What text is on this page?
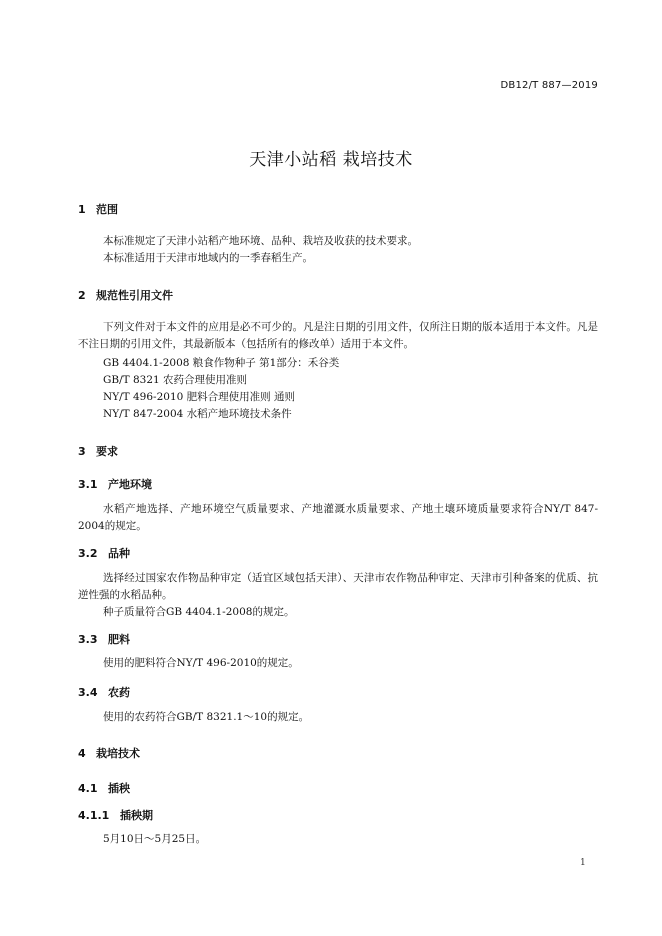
DB12/T 887—2019
天津小站稻 栽培技术
1 范围
本标准规定了天津小站稻产地环境、品种、栽培及收获的技术要求。
本标准适用于天津市地域内的一季春稻生产。
2 规范性引用文件
下列文件对于本文件的应用是必不可少的。凡是注日期的引用文件，仅所注日期的版本适用于本文件。凡是不注日期的引用文件，其最新版本（包括所有的修改单）适用于本文件。
GB 4404.1-2008 粮食作物种子 第1部分：禾谷类
GB/T 8321 农药合理使用准则
NY/T 496-2010 肥料合理使用准则 通则
NY/T 847-2004 水稻产地环境技术条件
3 要求
3.1 产地环境
水稻产地选择、产地环境空气质量要求、产地灌溉水质量要求、产地土壤环境质量要求符合NY/T 847-2004的规定。
3.2 品种
选择经过国家农作物品种审定（适宜区域包括天津）、天津市农作物品种审定、天津市引种备案的优质、抗逆性强的水稻品种。
种子质量符合GB 4404.1-2008的规定。
3.3 肥料
使用的肥料符合NY/T 496-2010的规定。
3.4 农药
使用的农药符合GB/T 8321.1～10的规定。
4 栽培技术
4.1 插秧
4.1.1 插秧期
5月10日～5月25日。
1
